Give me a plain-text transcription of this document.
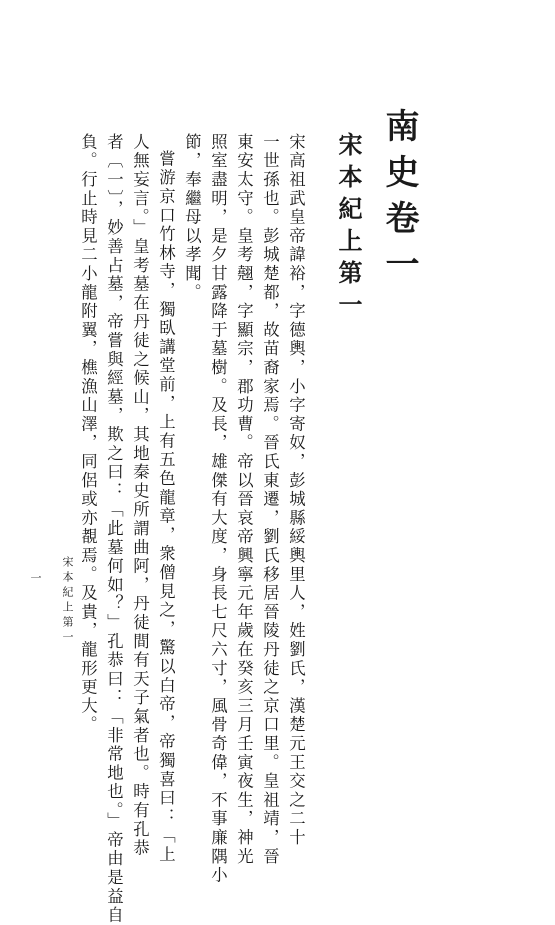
南史卷一
宋本紀上第一
宋高祖武皇帝諱裕，字德輿，小字寄奴，彭城縣綏輿里人，姓劉氏，漢楚元王交之二十
一世孫也。彭城楚都，故苗裔家焉。晉氏東遷，劉氏移居晉陵丹徒之京口里。皇祖靖，晉
東安太守。皇考翹，字顯宗，郡功曹。帝以晉哀帝興寧元年歲在癸亥三月壬寅夜生，神光
照室盡明，是夕甘露降于墓樹。及長，雄傑有大度，身長七尺六寸，風骨奇偉，不事廉隅小
節，奉繼母以孝聞。
嘗游京口竹林寺，獨臥講堂前，上有五色龍章，衆僧見之，驚以白帝，帝獨喜曰：「上
人無妄言。」皇考墓在丹徒之候山，其地秦史所謂曲阿，丹徒間有天子氣者也。時有孔恭
者〔一〕，妙善占墓，帝嘗與經墓，欺之曰：「此墓何如？」孔恭曰：「非常地也。」帝由是益自
負。行止時見二小龍附翼，樵漁山澤，同侶或亦覩焉。及貴，龍形更大。
宋本紀上第一
一
